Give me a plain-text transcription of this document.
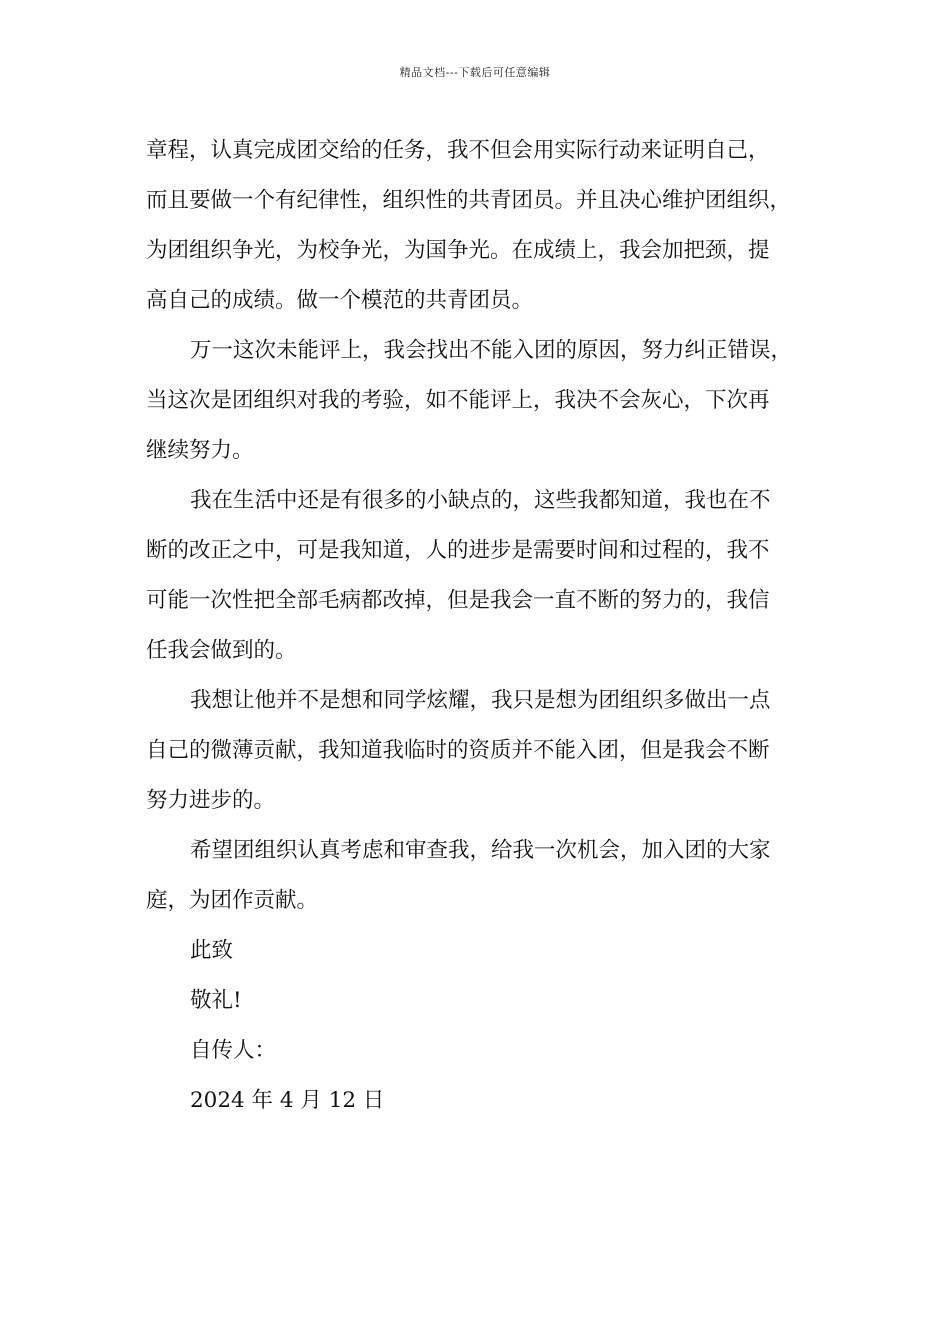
精品文档---下载后可任意编辑
章程，认真完成团交给的任务，我不但会用实际行动来证明自己，
而且要做一个有纪律性，组织性的共青团员。并且决心维护团组织，
为团组织争光，为校争光，为国争光。在成绩上，我会加把颈，提
高自己的成绩。做一个模范的共青团员。
万一这次未能评上，我会找出不能入团的原因，努力纠正错误，
当这次是团组织对我的考验，如不能评上，我决不会灰心，下次再
继续努力。
我在生活中还是有很多的小缺点的，这些我都知道，我也在不
断的改正之中，可是我知道，人的进步是需要时间和过程的，我不
可能一次性把全部毛病都改掉，但是我会一直不断的努力的，我信
任我会做到的。
我想让他并不是想和同学炫耀，我只是想为团组织多做出一点
自己的微薄贡献，我知道我临时的资质并不能入团，但是我会不断
努力进步的。
希望团组织认真考虑和审查我，给我一次机会，加入团的大家
庭，为团作贡献。
此致
敬礼!
自传人：
2024 年 4 月 12 日
